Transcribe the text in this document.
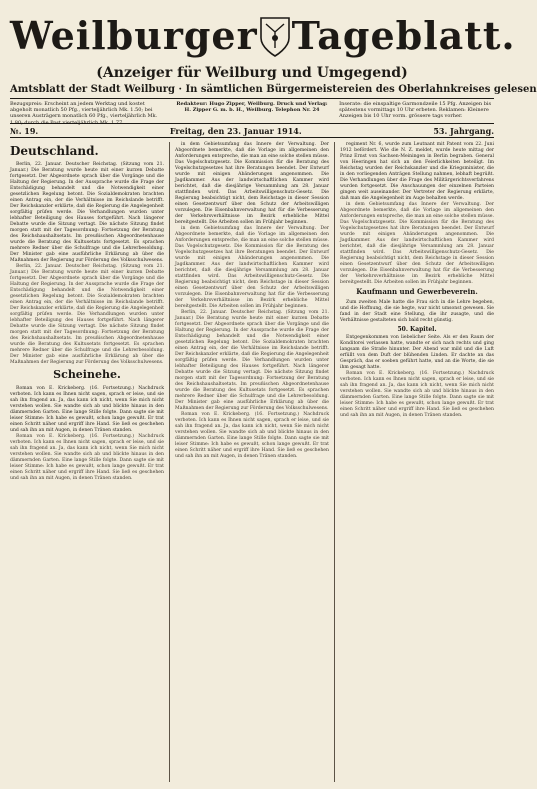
Weilburger Tageblatt.
(Anzeiger für Weilburg und Umgegend)
Amtsblatt der Stadt Weilburg · In sämtlichen Bürgermeistereien des Oberlahnkreises gelesen
Bezugspreis: Erscheint an jedem Werktag und kostet abgeholt monatlich 50 Pfg., vierteljährlich Mk. 1.50; bei unseren Austrägern monatlich 60 Pfg., vierteljährlich Mk. 1.80; durch die Post vierteljährlich Mk. 1.77
Redakteur: Hugo Zipper, Weilburg. Druck und Verlag: H. Zipper G. m. b. H., Weilburg. Telephon Nr. 24
Inserate: die einspaltige Garmondzeile 15 Pfg. Anzeigen bis spätestens vormittags 10 Uhr erbeten. Reklamen: Kleinere Anzeigen bis 10 Uhr vorm. grössere tags vorher.
№. 19.	Freitag, den 23. Januar 1914.	53. Jahrgang.
Deutschland.

Berlin, 22. Januar. Deutscher Reichstag. (Sitzung vom 21. Januar.) Die Beratung wurde heute mit einer kurzen Debatte fortgesetzt. Der Abgeordnete sprach über die Vorgänge und die Haltung der Regierung. In der Aussprache wurde die Frage der Entschädigung behandelt und die Notwendigkeit einer gesetzlichen Regelung betont. Die Sozialdemokraten brachten einen Antrag ein, der die Verhältnisse im Reichslande betrifft. Der Reichskanzler erklärte, daß die Regierung die Angelegenheit sorgfältig prüfen werde. Die Verhandlungen wurden unter lebhafter Beteiligung des Hauses fortgeführt. Nach längerer Debatte wurde die Sitzung vertagt. Die nächste Sitzung findet morgen statt mit der Tagesordnung: Fortsetzung der Beratung des Reichshaushaltsetats. Im preußischen Abgeordnetenhause wurde die Beratung des Kultusetats fortgesetzt. Es sprachen mehrere Redner über die Schulfrage und die Lehrerbesoldung. Der Minister gab eine ausführliche Erklärung ab über die Maßnahmen der Regierung zur Förderung des Volksschulwesens.

Berlin, 22. Januar. Deutscher Reichstag. (Sitzung vom 21. Januar.) Die Beratung wurde heute mit einer kurzen Debatte fortgesetzt. Der Abgeordnete sprach über die Vorgänge und die Haltung der Regierung. In der Aussprache wurde die Frage der Entschädigung behandelt und die Notwendigkeit einer gesetzlichen Regelung betont. Die Sozialdemokraten brachten einen Antrag ein, der die Verhältnisse im Reichslande betrifft. Der Reichskanzler erklärte, daß die Regierung die Angelegenheit sorgfältig prüfen werde. Die Verhandlungen wurden unter lebhafter Beteiligung des Hauses fortgeführt. Nach längerer Debatte wurde die Sitzung vertagt. Die nächste Sitzung findet morgen statt mit der Tagesordnung: Fortsetzung der Beratung des Reichshaushaltsetats. Im preußischen Abgeordnetenhause wurde die Beratung des Kultusetats fortgesetzt. Es sprachen mehrere Redner über die Schulfrage und die Lehrerbesoldung. Der Minister gab eine ausführliche Erklärung ab über die Maßnahmen der Regierung zur Förderung des Volksschulwesens.

Scheinehe.

Roman von E. Krickeberg. (16. Fortsetzung.) Nachdruck verboten. Ich kann es Ihnen nicht sagen, sprach er leise, und sie sah ihn fragend an. Ja, das kann ich nicht, wenn Sie mich nicht verstehen wollen. Sie wandte sich ab und blickte hinaus in den dämmernden Garten. Eine lange Stille folgte. Dann sagte sie mit leiser Stimme: Ich habe es gewußt, schon lange gewußt. Er trat einen Schritt näher und ergriff ihre Hand. Sie ließ es geschehen und sah ihn an mit Augen, in denen Tränen standen.

Roman von E. Krickeberg. (16. Fortsetzung.) Nachdruck verboten. Ich kann es Ihnen nicht sagen, sprach er leise, und sie sah ihn fragend an. Ja, das kann ich nicht, wenn Sie mich nicht verstehen wollen. Sie wandte sich ab und blickte hinaus in den dämmernden Garten. Eine lange Stille folgte. Dann sagte sie mit leiser Stimme: Ich habe es gewußt, schon lange gewußt. Er trat einen Schritt näher und ergriff ihre Hand. Sie ließ es geschehen und sah ihn an mit Augen, in denen Tränen standen.

in dem Gebietsumfang das Innere der Verwaltung. Der Abgeordnete bemerkte, daß die Vorlage im allgemeinen den Anforderungen entspreche, die man an eine solche stellen müsse. Das Vogelschutzgesetz. Die Kommission für die Beratung des Vogelschutzgesetzes hat ihre Beratungen beendet. Der Entwurf wurde mit einigen Abänderungen angenommen. Die Jagdkammer. Aus der landwirtschaftlichen Kammer wird berichtet, daß die diesjährige Versammlung am 28. Januar stattfinden wird. Das Arbeitswilligenschutz-Gesetz. Die Regierung beabsichtigt nicht, dem Reichstage in dieser Session einen Gesetzentwurf über den Schutz der Arbeitswilligen vorzulegen. Die Eisenbahnverwaltung hat für die Verbesserung der Verkehrsverhältnisse im Bezirk erhebliche Mittel bereitgestellt. Die Arbeiten sollen im Frühjahr beginnen.

in dem Gebietsumfang das Innere der Verwaltung. Der Abgeordnete bemerkte, daß die Vorlage im allgemeinen den Anforderungen entspreche, die man an eine solche stellen müsse. Das Vogelschutzgesetz. Die Kommission für die Beratung des Vogelschutzgesetzes hat ihre Beratungen beendet. Der Entwurf wurde mit einigen Abänderungen angenommen. Die Jagdkammer. Aus der landwirtschaftlichen Kammer wird berichtet, daß die diesjährige Versammlung am 28. Januar stattfinden wird. Das Arbeitswilligenschutz-Gesetz. Die Regierung beabsichtigt nicht, dem Reichstage in dieser Session einen Gesetzentwurf über den Schutz der Arbeitswilligen vorzulegen. Die Eisenbahnverwaltung hat für die Verbesserung der Verkehrsverhältnisse im Bezirk erhebliche Mittel bereitgestellt. Die Arbeiten sollen im Frühjahr beginnen.

Berlin, 22. Januar. Deutscher Reichstag. (Sitzung vom 21. Januar.) Die Beratung wurde heute mit einer kurzen Debatte fortgesetzt. Der Abgeordnete sprach über die Vorgänge und die Haltung der Regierung. In der Aussprache wurde die Frage der Entschädigung behandelt und die Notwendigkeit einer gesetzlichen Regelung betont. Die Sozialdemokraten brachten einen Antrag ein, der die Verhältnisse im Reichslande betrifft. Der Reichskanzler erklärte, daß die Regierung die Angelegenheit sorgfältig prüfen werde. Die Verhandlungen wurden unter lebhafter Beteiligung des Hauses fortgeführt. Nach längerer Debatte wurde die Sitzung vertagt. Die nächste Sitzung findet morgen statt mit der Tagesordnung: Fortsetzung der Beratung des Reichshaushaltsetats. Im preußischen Abgeordnetenhause wurde die Beratung des Kultusetats fortgesetzt. Es sprachen mehrere Redner über die Schulfrage und die Lehrerbesoldung. Der Minister gab eine ausführliche Erklärung ab über die Maßnahmen der Regierung zur Förderung des Volksschulwesens.

Roman von E. Krickeberg. (16. Fortsetzung.) Nachdruck verboten. Ich kann es Ihnen nicht sagen, sprach er leise, und sie sah ihn fragend an. Ja, das kann ich nicht, wenn Sie mich nicht verstehen wollen. Sie wandte sich ab und blickte hinaus in den dämmernden Garten. Eine lange Stille folgte. Dann sagte sie mit leiser Stimme: Ich habe es gewußt, schon lange gewußt. Er trat einen Schritt näher und ergriff ihre Hand. Sie ließ es geschehen und sah ihn an mit Augen, in denen Tränen standen.

regiment Nr. 6, wurde zum Leutnant mit Patent vom 22. Juni 1912 befördert. Wie die N. Z. meldet, wurde heute mittag der Prinz Ernst von Sachsen-Meiningen in Berlin begraben. General von Heeringen hat sich an den Feierlichkeiten beteiligt. Im Reichstag wurden der Reichskanzler und die Kriegsminister, die in den vorliegenden Anträgen Stellung nahmen, lebhaft begrüßt. Die Verhandlungen über die Frage des Militärgerichtsverfahrens wurden fortgesetzt. Die Anschauungen der einzelnen Parteien gingen weit auseinander. Der Vertreter der Regierung erklärte, daß man die Angelegenheit im Auge behalten werde.

in dem Gebietsumfang das Innere der Verwaltung. Der Abgeordnete bemerkte, daß die Vorlage im allgemeinen den Anforderungen entspreche, die man an eine solche stellen müsse. Das Vogelschutzgesetz. Die Kommission für die Beratung des Vogelschutzgesetzes hat ihre Beratungen beendet. Der Entwurf wurde mit einigen Abänderungen angenommen. Die Jagdkammer. Aus der landwirtschaftlichen Kammer wird berichtet, daß die diesjährige Versammlung am 28. Januar stattfinden wird. Das Arbeitswilligenschutz-Gesetz. Die Regierung beabsichtigt nicht, dem Reichstage in dieser Session einen Gesetzentwurf über den Schutz der Arbeitswilligen vorzulegen. Die Eisenbahnverwaltung hat für die Verbesserung der Verkehrsverhältnisse im Bezirk erhebliche Mittel bereitgestellt. Die Arbeiten sollen im Frühjahr beginnen.

Kaufmann und Gewerbeverein.

Zum zweiten Male hatte die Frau sich in die Lehre begeben, und die Hoffnung, die sie hegte, war nicht umsonst gewesen. Sie fand in der Stadt eine Stellung, die ihr zusagte, und die Verhältnisse gestalteten sich bald recht günstig.

50. Kapitel.

Entgegenkommen von liebelicher Seite. Als er den Raum der Konditorei verlassen hatte, wandte er sich nach rechts und ging langsam die Straße hinunter. Der Abend war mild und die Luft erfüllt von dem Duft der blühenden Linden. Er dachte an das Gespräch, das er soeben geführt hatte, und an die Worte, die sie ihm gesagt hatte.

Roman von E. Krickeberg. (16. Fortsetzung.) Nachdruck verboten. Ich kann es Ihnen nicht sagen, sprach er leise, und sie sah ihn fragend an. Ja, das kann ich nicht, wenn Sie mich nicht verstehen wollen. Sie wandte sich ab und blickte hinaus in den dämmernden Garten. Eine lange Stille folgte. Dann sagte sie mit leiser Stimme: Ich habe es gewußt, schon lange gewußt. Er trat einen Schritt näher und ergriff ihre Hand. Sie ließ es geschehen und sah ihn an mit Augen, in denen Tränen standen.
